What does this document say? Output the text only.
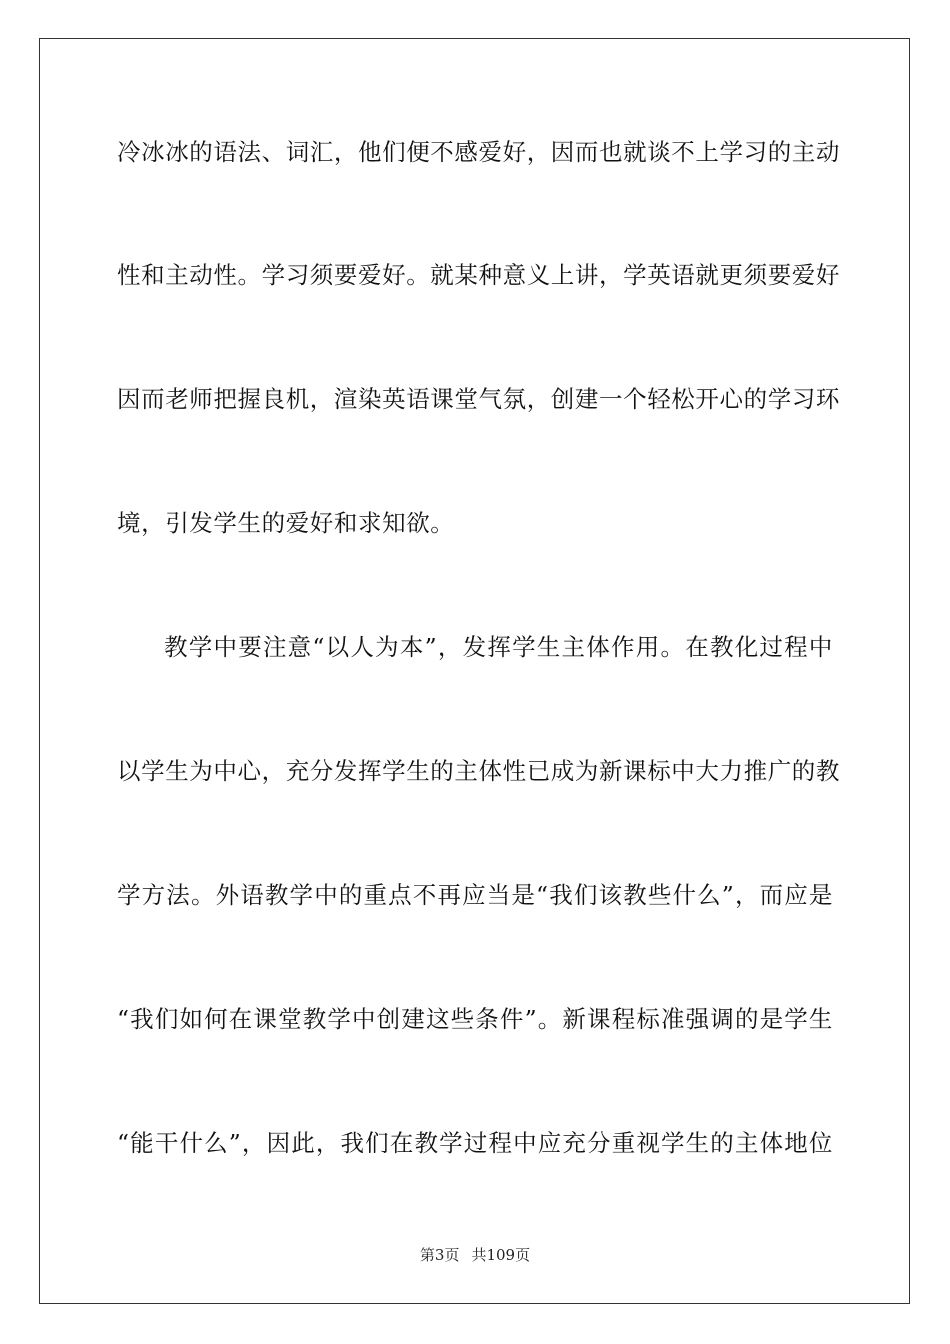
冷冰冰的语法、词汇，他们便不感爱好，因而也就谈不上学习的主动
性和主动性。学习须要爱好。就某种意义上讲，学英语就更须要爱好
因而老师把握良机，渲染英语课堂气氛，创建一个轻松开心的学习环
境，引发学生的爱好和求知欲。
教学中要注意“以人为本”，发挥学生主体作用。在教化过程中
以学生为中心，充分发挥学生的主体性已成为新课标中大力推广的教
学方法。外语教学中的重点不再应当是“我们该教些什么”，而应是
“我们如何在课堂教学中创建这些条件”。新课程标准强调的是学生
“能干什么”，因此，我们在教学过程中应充分重视学生的主体地位
第3页 共109页
